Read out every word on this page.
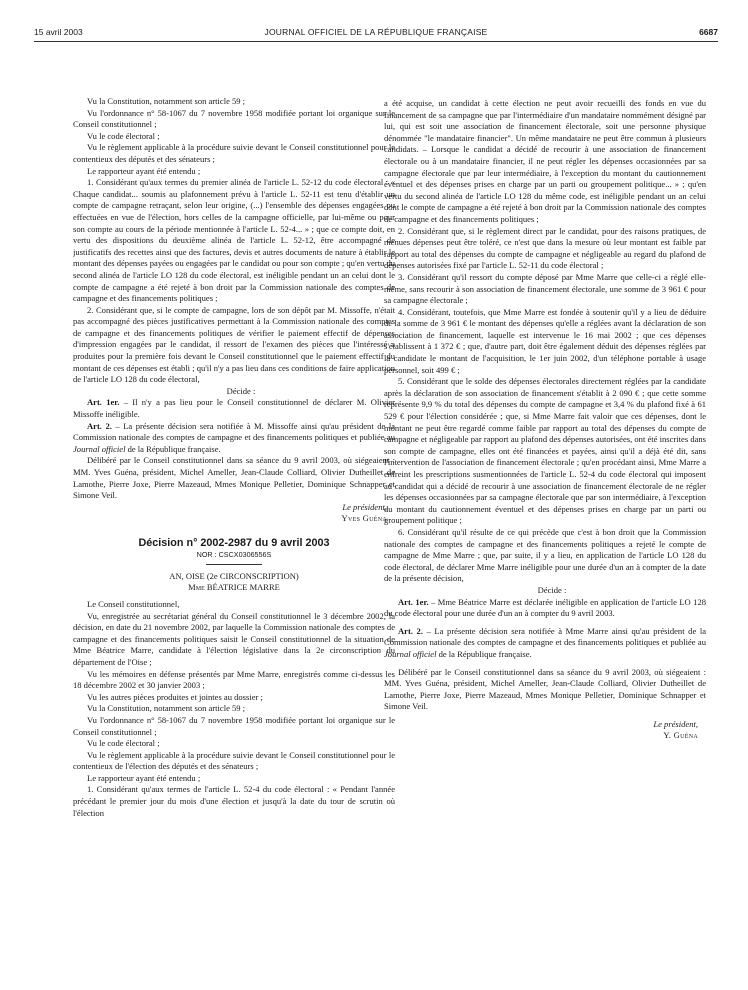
15 avril 2003	JOURNAL OFFICIEL DE LA RÉPUBLIQUE FRANÇAISE	6687

Vu la Constitution, notamment son article 59 ;

Vu l'ordonnance n° 58-1067 du 7 novembre 1958 modifiée portant loi organique sur le Conseil constitutionnel ;

Vu le code électoral ;

Vu le règlement applicable à la procédure suivie devant le Conseil constitutionnel pour le contentieux des députés et des sénateurs ;

Le rapporteur ayant été entendu ;

1. Considérant qu'aux termes du premier alinéa de l'article L. 52-12 du code électoral : « Chaque candidat... soumis au plafonnement prévu à l'article L. 52-11 est tenu d'établir un compte de campagne retraçant, selon leur origine, (...) l'ensemble des dépenses engagées ou effectuées en vue de l'élection, hors celles de la campagne officielle, par lui-même ou pour son compte au cours de la période mentionnée à l'article L. 52-4... » ; que ce compte doit, en vertu des dispositions du deuxième alinéa de l'article L. 52-12, être accompagné de justificatifs des recettes ainsi que des factures, devis et autres documents de nature à établir le montant des dépenses payées ou engagées par le candidat ou pour son compte ; qu'en vertu du second alinéa de l'article LO 128 du code électoral, est inéligible pendant un an celui dont le compte de campagne a été rejeté à bon droit par la Commission nationale des comptes de campagne et des financements politiques ;

2. Considérant que, si le compte de campagne, lors de son dépôt par M. Missoffe, n'était pas accompagné des pièces justificatives permettant à la Commission nationale des comptes de campagne et des financements politiques de vérifier le paiement effectif de dépenses d'impression engagées par le candidat, il ressort de l'examen des pièces que l'intéressé a produites pour la première fois devant le Conseil constitutionnel que le paiement effectif du montant de ces dépenses est établi ; qu'il n'y a pas lieu dans ces conditions de faire application de l'article LO 128 du code électoral,

Décide :

Art. 1er. – Il n'y a pas lieu pour le Conseil constitutionnel de déclarer M. Olivier Missoffe inéligible.

Art. 2. – La présente décision sera notifiée à M. Missoffe ainsi qu'au président de la Commission nationale des comptes de campagne et des financements politiques et publiée au Journal officiel de la République française.

Délibéré par le Conseil constitutionnel dans sa séance du 9 avril 2003, où siégeaient : MM. Yves Guéna, président, Michel Ameller, Jean-Claude Colliard, Olivier Dutheillet de Lamothe, Pierre Joxe, Pierre Mazeaud, Mmes Monique Pelletier, Dominique Schnapper et Simone Veil.

Le président,

Yves Guéna

Décision n° 2002-2987 du 9 avril 2003
NOR : CSCX0306556S
AN, OISE (2e CIRCONSCRIPTION)
Mme BÉATRICE MARRE

Le Conseil constitutionnel,

Vu, enregistrée au secrétariat général du Conseil constitutionnel le 3 décembre 2002, la décision, en date du 21 novembre 2002, par laquelle la Commission nationale des comptes de campagne et des financements politiques saisit le Conseil constitutionnel de la situation de Mme Béatrice Marre, candidate à l'élection législative dans la 2e circonscription du département de l'Oise ;

Vu les mémoires en défense présentés par Mme Marre, enregistrés comme ci-dessus les 18 décembre 2002 et 30 janvier 2003 ;

Vu les autres pièces produites et jointes au dossier ;

Vu la Constitution, notamment son article 59 ;

Vu l'ordonnance n° 58-1067 du 7 novembre 1958 modifiée portant loi organique sur le Conseil constitutionnel ;

Vu le code électoral ;

Vu le règlement applicable à la procédure suivie devant le Conseil constitutionnel pour le contentieux de l'élection des députés et des sénateurs ;

Le rapporteur ayant été entendu ;

1. Considérant qu'aux termes de l'article L. 52-4 du code électoral : « Pendant l'année précédant le premier jour du mois d'une élection et jusqu'à la date du tour de scrutin où l'élection

a été acquise, un candidat à cette élection ne peut avoir recueilli des fonds en vue du financement de sa campagne que par l'intermédiaire d'un mandataire nommément désigné par lui, qui est soit une association de financement électorale, soit une personne physique dénommée "le mandataire financier". Un même mandataire ne peut être commun à plusieurs candidats. – Lorsque le candidat a décidé de recourir à une association de financement électorale ou à un mandataire financier, il ne peut régler les dépenses occasionnées par sa campagne électorale que par leur intermédiaire, à l'exception du montant du cautionnement éventuel et des dépenses prises en charge par un parti ou groupement politique... » ; qu'en vertu du second alinéa de l'article LO 128 du même code, est inéligible pendant un an celui dont le compte de campagne a été rejeté à bon droit par la Commission nationale des comptes de campagne et des financements politiques ;

2. Considérant que, si le règlement direct par le candidat, pour des raisons pratiques, de menues dépenses peut être toléré, ce n'est que dans la mesure où leur montant est faible par rapport au total des dépenses du compte de campagne et négligeable au regard du plafond de dépenses autorisées fixé par l'article L. 52-11 du code électoral ;

3. Considérant qu'il ressort du compte déposé par Mme Marre que celle-ci a réglé elle-même, sans recourir à son association de financement électorale, une somme de 3 961 € pour sa campagne électorale ;

4. Considérant, toutefois, que Mme Marre est fondée à soutenir qu'il y a lieu de déduire de la somme de 3 961 € le montant des dépenses qu'elle a réglées avant la déclaration de son association de financement, laquelle est intervenue le 16 mai 2002 ; que ces dépenses s'établissent à 1 372 € ; que, d'autre part, doit être également déduit des dépenses réglées par la candidate le montant de l'acquisition, le 1er juin 2002, d'un téléphone portable à usage personnel, soit 499 € ;

5. Considérant que le solde des dépenses électorales directement réglées par la candidate après la déclaration de son association de financement s'établit à 2 090 € ; que cette somme représente 9,9 % du total des dépenses du compte de campagne et 3,4 % du plafond fixé à 61 529 € pour l'élection considérée ; que, si Mme Marre fait valoir que ces dépenses, dont le montant ne peut être regardé comme faible par rapport au total des dépenses du compte de campagne et négligeable par rapport au plafond des dépenses autorisées, ont été inscrites dans son compte de campagne, elles ont été financées et payées, ainsi qu'il a déjà été dit, sans l'intervention de l'association de financement électorale ; qu'en procédant ainsi, Mme Marre a enfreint les prescriptions susmentionnées de l'article L. 52-4 du code électoral qui imposent au candidat qui a décidé de recourir à une association de financement électorale de ne régler les dépenses occasionnées par sa campagne électorale que par son intermédiaire, à l'exception du montant du cautionnement éventuel et des dépenses prises en charge par un parti ou groupement politique ;

6. Considérant qu'il résulte de ce qui précède que c'est à bon droit que la Commission nationale des comptes de campagne et des financements politiques a rejeté le compte de campagne de Mme Marre ; que, par suite, il y a lieu, en application de l'article LO 128 du code électoral, de déclarer Mme Marre inéligible pour une durée d'un an à compter de la date de la présente décision,

Décide :

Art. 1er. – Mme Béatrice Marre est déclarée inéligible en application de l'article LO 128 du code électoral pour une durée d'un an à compter du 9 avril 2003.

Art. 2. – La présente décision sera notifiée à Mme Marre ainsi qu'au président de la Commission nationale des comptes de campagne et des financements politiques et publiée au Journal officiel de la République française.

Délibéré par le Conseil constitutionnel dans sa séance du 9 avril 2003, où siégeaient : MM. Yves Guéna, président, Michel Ameller, Jean-Claude Colliard, Olivier Dutheillet de Lamothe, Pierre Joxe, Pierre Mazeaud, Mmes Monique Pelletier, Dominique Schnapper et Simone Veil.

Le président,

Y. Guéna
